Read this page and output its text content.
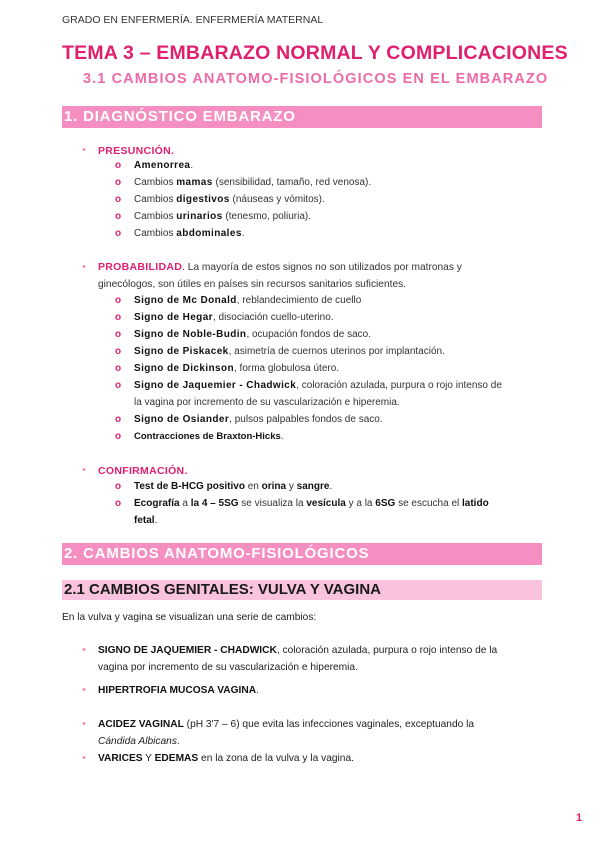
GRADO EN ENFERMERÍA. ENFERMERÍA MATERNAL
TEMA 3 – EMBARAZO NORMAL Y COMPLICACIONES
3.1 CAMBIOS ANATOMO-FISIOLÓGICOS EN EL EMBARAZO
1. DIAGNÓSTICO EMBARAZO
• PRESUNCIÓN.
o Amenorrea.
o Cambios mamas (sensibilidad, tamaño, red venosa).
o Cambios digestivos (náuseas y vómitos).
o Cambios urinarios (tenesmo, poliuria).
o Cambios abdominales.
• PROBABILIDAD. La mayoría de estos signos no son utilizados por matronas y
ginecólogos, son útiles en países sin recursos sanitarios suficientes.
o Signo de Mc Donald, reblandecimiento de cuello
o Signo de Hegar, disociación cuello-uterino.
o Signo de Noble-Budin, ocupación fondos de saco.
o Signo de Piskacek, asimetría de cuernos uterinos por implantación.
o Signo de Dickinson, forma globulosa útero.
o Signo de Jaquemier - Chadwick, coloración azulada, purpura o rojo intenso de
la vagina por incremento de su vascularización e hiperemia.
o Signo de Osiander, pulsos palpables fondos de saco.
o Contracciones de Braxton-Hicks.
• CONFIRMACIÓN.
o Test de B-HCG positivo en orina y sangre.
o Ecografía a la 4 – 5SG se visualiza la vesícula y a la 6SG se escucha el latido
fetal.
2. CAMBIOS ANATOMO-FISIOLÓGICOS
2.1 CAMBIOS GENITALES: VULVA Y VAGINA
En la vulva y vagina se visualizan una serie de cambios:
• SIGNO DE JAQUEMIER - CHADWICK, coloración azulada, purpura o rojo intenso de la
vagina por incremento de su vascularización e hiperemia.
• HIPERTROFIA MUCOSA VAGINA.
• ACIDEZ VAGINAL (pH 3'7 – 6) que evita las infecciones vaginales, exceptuando la
Cándida Albicans.
• VARICES Y EDEMAS en la zona de la vulva y la vagina.
1
